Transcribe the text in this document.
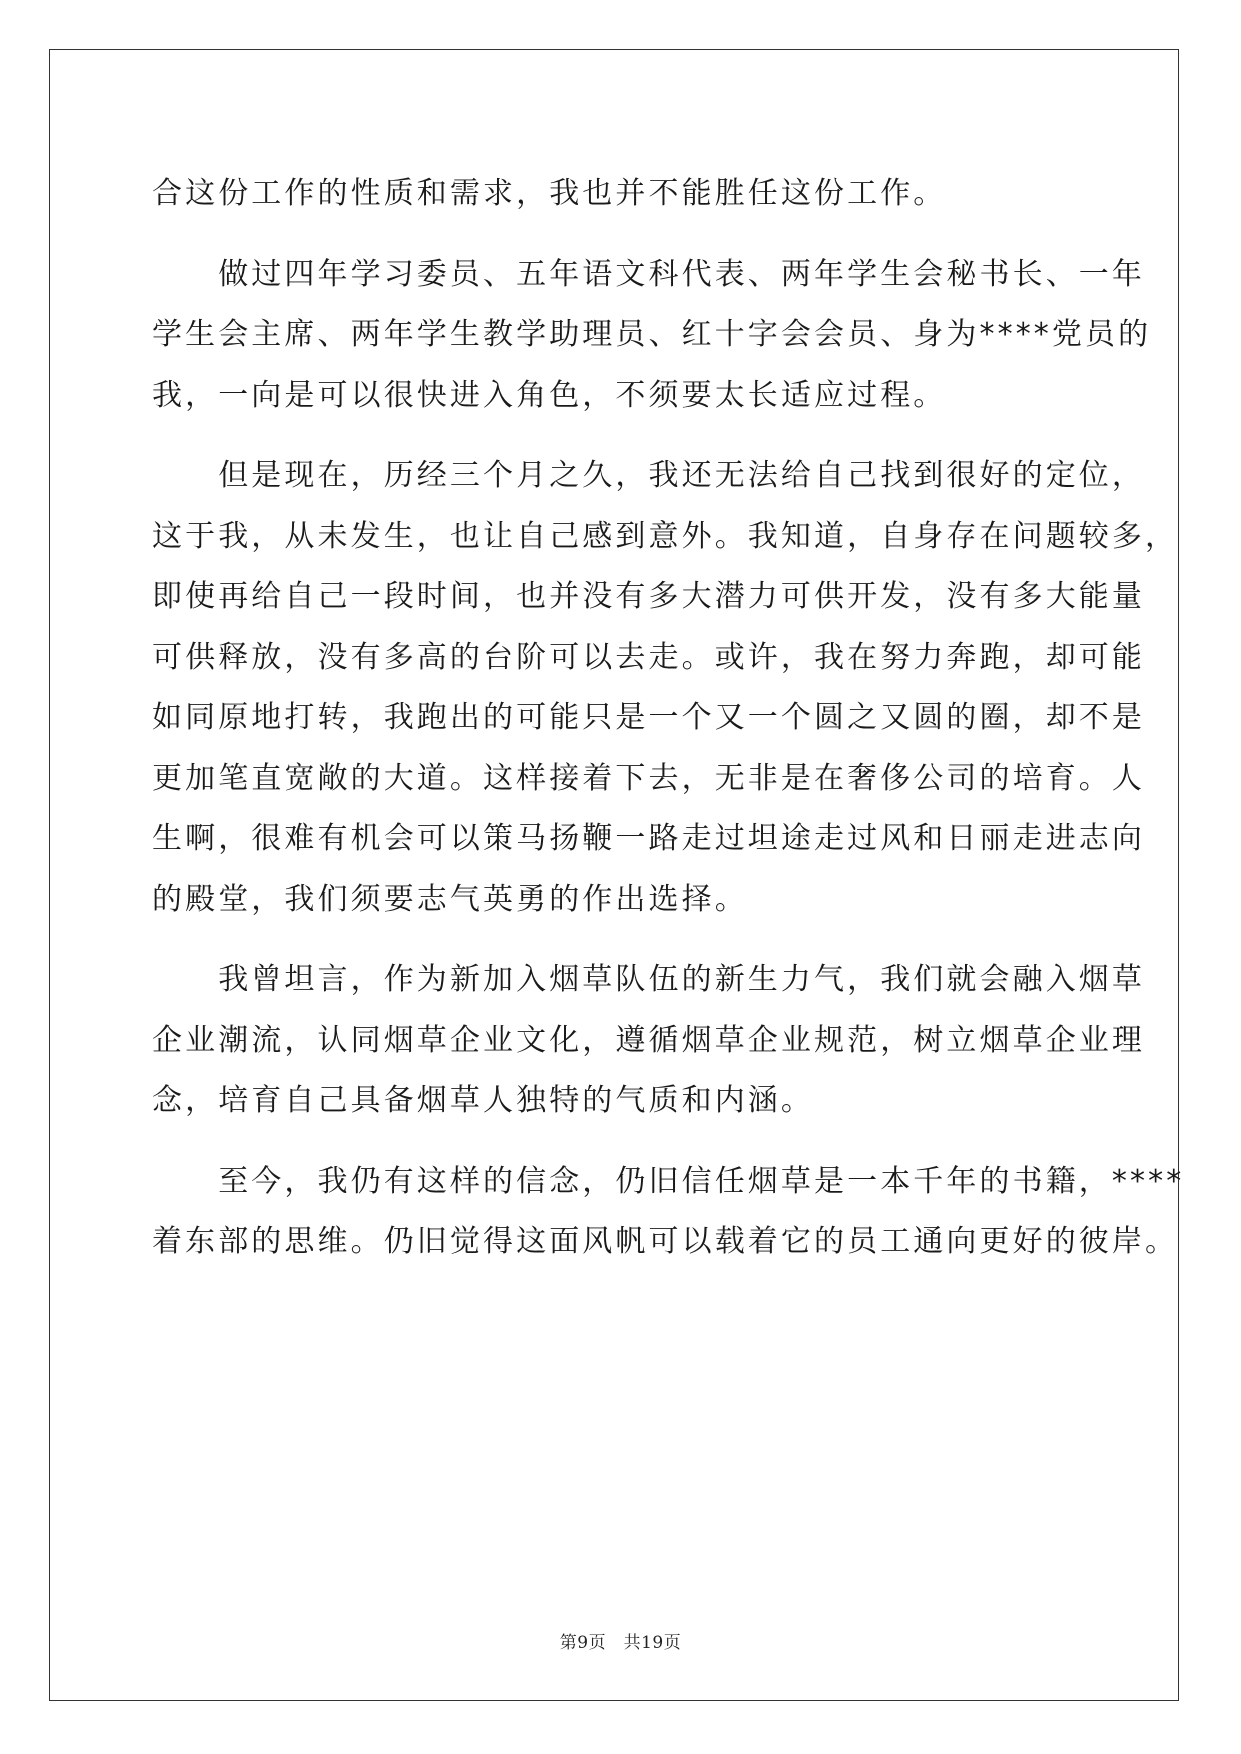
合这份工作的性质和需求，我也并不能胜任这份工作。

　　做过四年学习委员、五年语文科代表、两年学生会秘书长、一年
学生会主席、两年学生教学助理员、红十字会会员、身为****党员的
我，一向是可以很快进入角色，不须要太长适应过程。

　　但是现在，历经三个月之久，我还无法给自己找到很好的定位，
这于我，从未发生，也让自己感到意外。我知道，自身存在问题较多，
即使再给自己一段时间，也并没有多大潜力可供开发，没有多大能量
可供释放，没有多高的台阶可以去走。或许，我在努力奔跑，却可能
如同原地打转，我跑出的可能只是一个又一个圆之又圆的圈，却不是
更加笔直宽敞的大道。这样接着下去，无非是在奢侈公司的培育。人
生啊，很难有机会可以策马扬鞭一路走过坦途走过风和日丽走进志向
的殿堂，我们须要志气英勇的作出选择。

　　我曾坦言，作为新加入烟草队伍的新生力气，我们就会融入烟草
企业潮流，认同烟草企业文化，遵循烟草企业规范，树立烟草企业理
念，培育自己具备烟草人独特的气质和内涵。

　　至今，我仍有这样的信念，仍旧信任烟草是一本千年的书籍，****
着东部的思维。仍旧觉得这面风帆可以载着它的员工通向更好的彼岸。

第9页　共19页
